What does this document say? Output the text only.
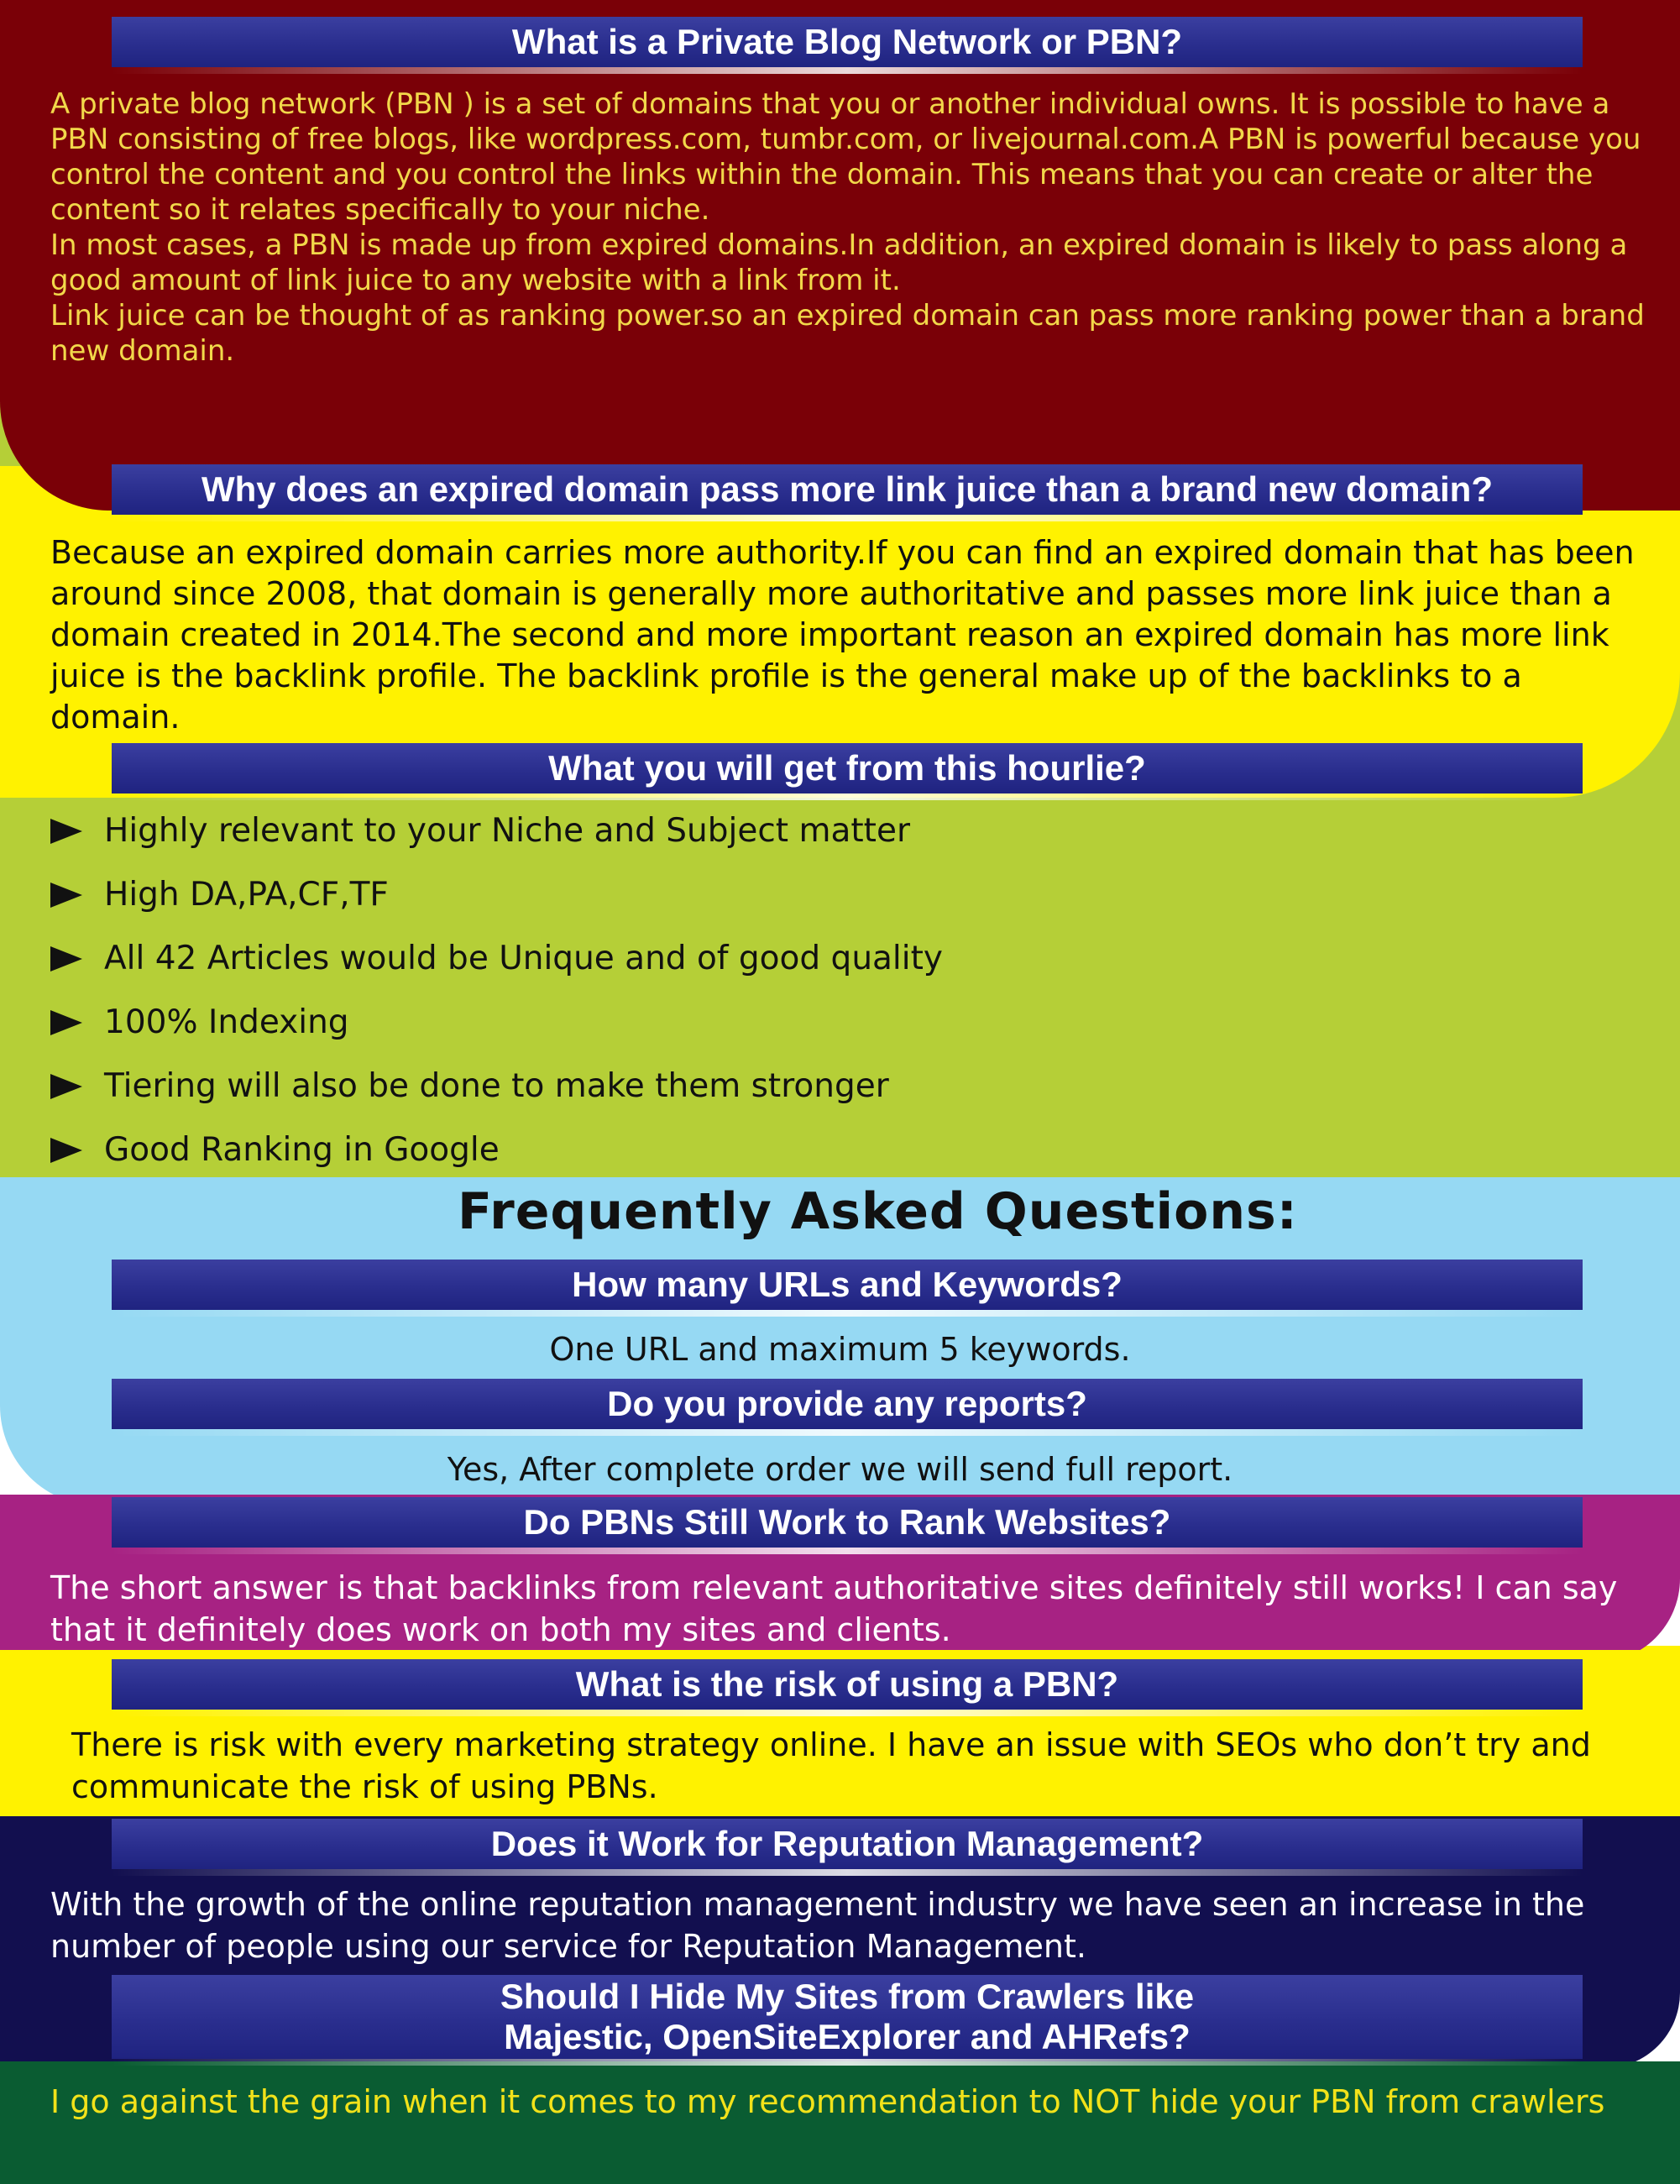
What is a Private Blog Network or PBN?

A private blog network (PBN ) is a set of domains that you or another individual owns. It is possible to have a PBN consisting of free blogs, like wordpress.com, tumbr.com, or livejournal.com.A PBN is powerful because you control the content and you control the links within the domain. This means that you can create or alter the content so it relates specifically to your niche.

In most cases, a PBN is made up from expired domains.In addition, an expired domain is likely to pass along a good amount of link juice to any website with a link from it.

Link juice can be thought of as ranking power.so an expired domain can pass more ranking power than a brand new domain.

Why does an expired domain pass more link juice than a brand new domain?
Because an expired domain carries more authority.If you can find an expired domain that has been around since 2008, that domain is generally more authoritative and passes more link juice than a domain created in 2014.The second and more important reason an expired domain has more link juice is the backlink profile. The backlink profile is the general make up of the backlinks to a domain.
What you will get from this hourlie?
Highly relevant to your Niche and Subject matter
High DA,PA,CF,TF
All 42 Articles would be Unique and of good quality
100% Indexing
Tiering will also be done to make them stronger
Good Ranking in Google
Frequently Asked Questions:
How many URLs and Keywords?
One URL and maximum 5 keywords.
Do you provide any reports?
Yes, After complete order we will send full report.
Do PBNs Still Work to Rank Websites?
The short answer is that backlinks from relevant authoritative sites definitely still works! I can say that it definitely does work on both my sites and clients.
What is the risk of using a PBN?
There is risk with every marketing strategy online. I have an issue with SEOs who don’t try and communicate the risk of using PBNs.
Does it Work for Reputation Management?
With the growth of the online reputation management industry we have seen an increase in the number of people using our service for Reputation Management.
Should I Hide My Sites from Crawlers like
Majestic, OpenSiteExplorer and AHRefs?
I go against the grain when it comes to my recommendation to NOT hide your PBN from crawlers
